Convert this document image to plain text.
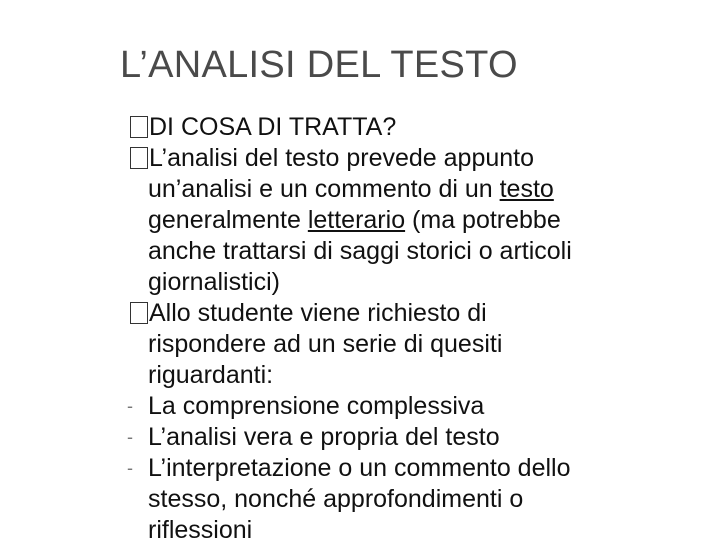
L’ANALISI DEL TESTO
DI COSA DI TRATTA?
L’analisi del testo prevede appunto
un’analisi e un commento di un testo
generalmente letterario (ma potrebbe
anche trattarsi di saggi storici o articoli
giornalistici)
Allo studente viene richiesto di
rispondere ad un serie di quesiti
riguardanti:
- La comprensione complessiva
- L’analisi vera e propria del testo
- L’interpretazione o un commento dello
stesso, nonché approfondimenti o
riflessioni
